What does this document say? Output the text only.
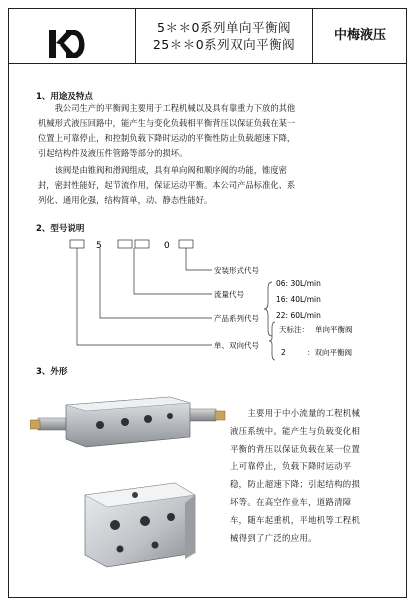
5＊＊0系列单向平衡阀
25＊＊0系列双向平衡阀
中梅液压
1、用途及特点
我公司生产的平衡阀主要用于工程机械以及具有靠重力下放的其他
机械形式液压回路中，能产生与变化负载相平衡背压以保证负载在某一
位置上可靠停止，和控制负载下降时运动的平衡性防止负载超速下降，
引起结构件及液压件管路等部分的损坏。
该阀是由锥阀和滑阀组成，具有单向阀和顺序阀的功能，锥度密
封，密封性能好，起节流作用，保证运动平衡。本公司产品标准化、系
列化、通用化强，结构简单，动、静态性能好。
2、型号说明
5	0
安装形式代号
流量代号
产品系列代号
单、双向代号
06: 30L/min
16: 40L/min
22: 60L/min
天标注： 单向平衡阀
2	：双向平衡阀
3、外形
　　主要用于中小流量的工程机械
液压系统中。能产生与负载变化相
平衡的背压以保证负载在某一位置
上可靠停止，负载下降时运动平
稳，防止超速下降；引起结构的损
坏等。在高空作业车，道路清障
车，随车起重机，平地机等工程机
械得到了广泛的应用。
